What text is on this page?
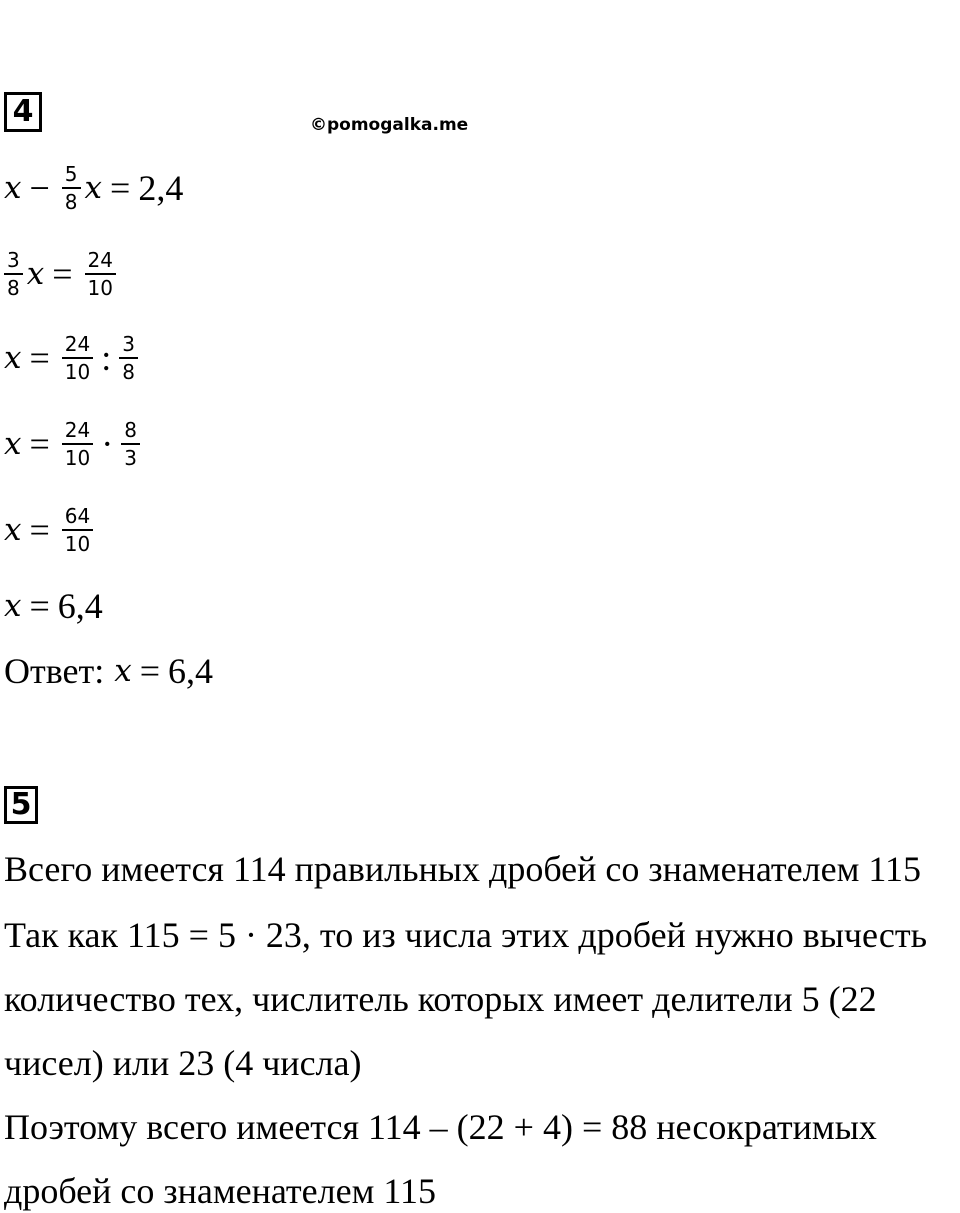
4	©pomogalka.me
$x - \frac{5}{8}$ x = 2,4
$\frac{3}{8}$ $x = \frac{24}{10}$
$x = \frac{24}{10}$ : $\frac{3}{8}$
$x = \frac{24}{10} \cdot \frac{8}{3}$
$x = \frac{64}{10}$
x = 6,4
Ответ: x = 6,4
5
Всего имеется 114 правильных дробей со знаменателем 115
Так как 115 = 5 · 23, то из числа этих дробей нужно вычесть
количество тех, числитель которых имеет делители 5 (22
чисел) или 23 (4 числа)
Поэтому всего имеется 114 – (22 + 4) = 88 несократимых
дробей со знаменателем 115
